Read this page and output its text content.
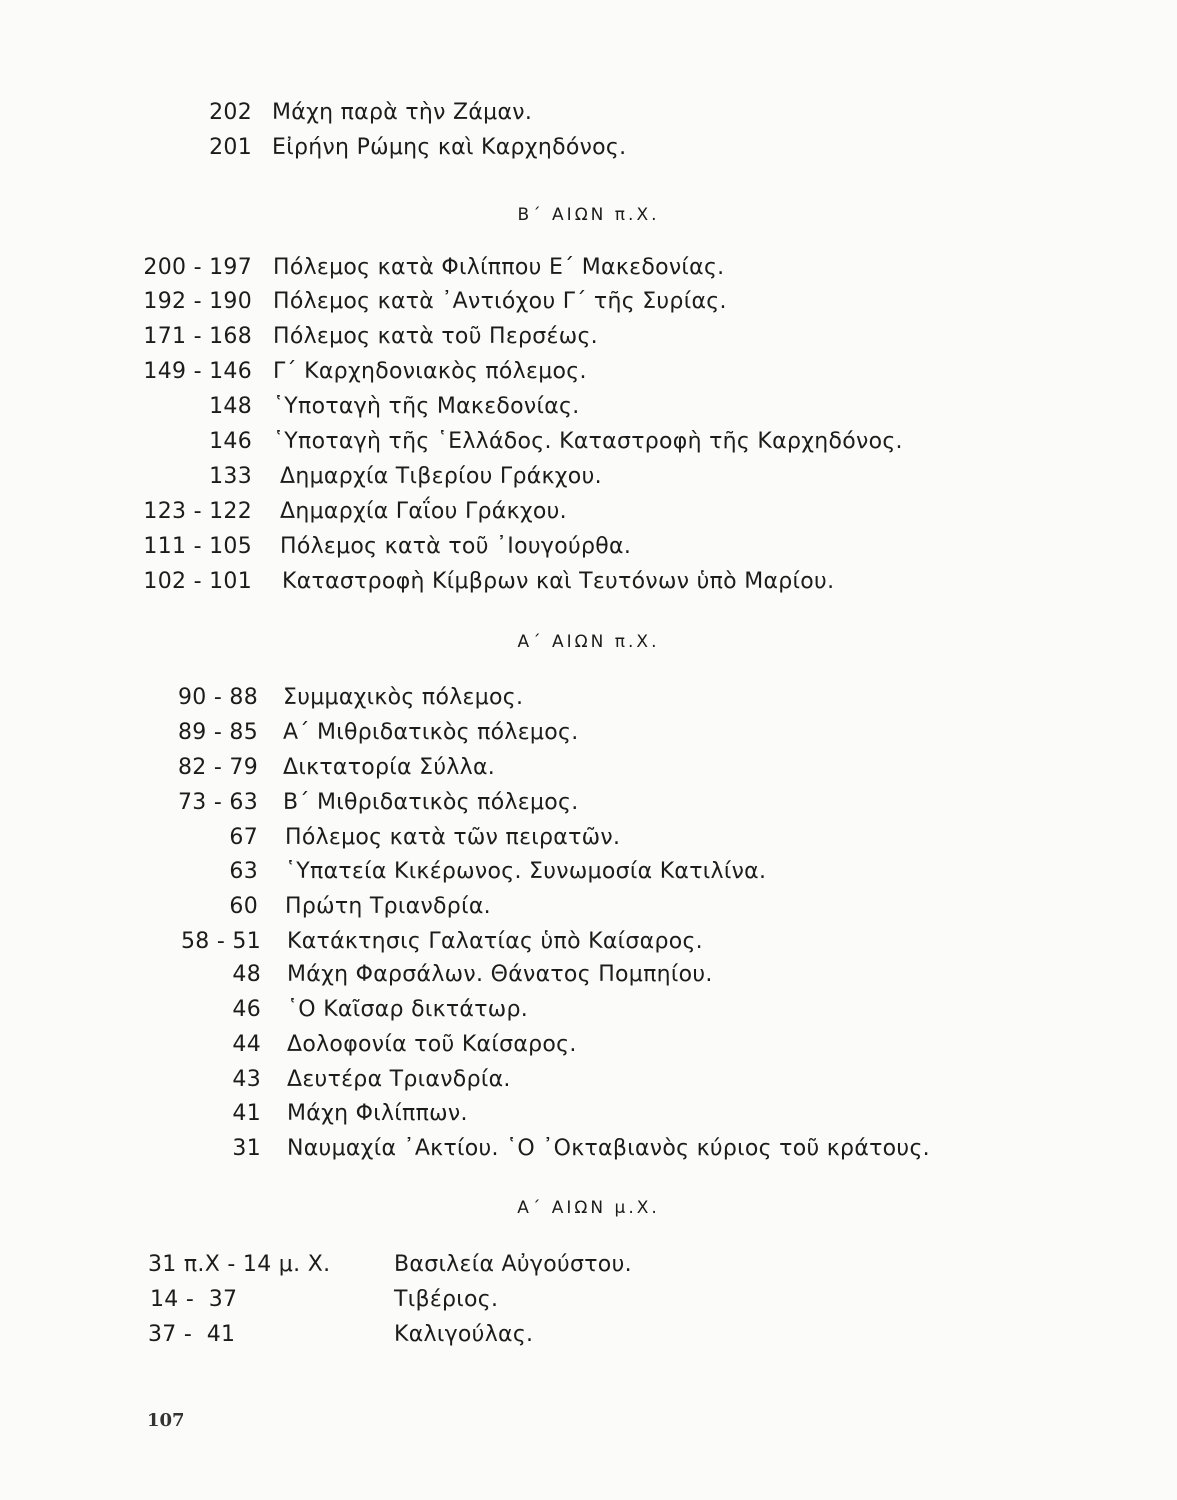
202 Μάχη παρὰ τὴν Ζάμαν.
201 Εἰρήνη Ρώμης καὶ Καρχηδόνος.
Β΄ ΑΙΩΝ π.Χ.
200 - 197 Πόλεμος κατὰ Φιλίππου Ε΄ Μακεδονίας.
192 - 190 Πόλεμος κατὰ ᾿Αντιόχου Γ΄ τῆς Συρίας.
171 - 168 Πόλεμος κατὰ τοῦ Περσέως.
149 - 146 Γ΄ Καρχηδονιακὸς πόλεμος.
148 ῾Υποταγὴ τῆς Μακεδονίας.
146 ῾Υποταγὴ τῆς ῾Ελλάδος. Καταστροφὴ τῆς Καρχηδόνος.
133 Δημαρχία Τιβερίου Γράκχου.
123 - 122 Δημαρχία Γαΐου Γράκχου.
111 - 105 Πόλεμος κατὰ τοῦ ᾿Ιουγούρθα.
102 - 101 Καταστροφὴ Κίμβρων καὶ Τευτόνων ὑπὸ Μαρίου.
Α΄ ΑΙΩΝ π.Χ.
90 - 88 Συμμαχικὸς πόλεμος.
89 - 85 Α΄ Μιθριδατικὸς πόλεμος.
82 - 79 Δικτατορία Σύλλα.
73 - 63 Β΄ Μιθριδατικὸς πόλεμος.
67 Πόλεμος κατὰ τῶν πειρατῶν.
63 ῾Υπατεία Κικέρωνος. Συνωμοσία Κατιλίνα.
60 Πρώτη Τριανδρία.
58 - 51 Κατάκτησις Γαλατίας ὑπὸ Καίσαρος.
48 Μάχη Φαρσάλων. Θάνατος Πομπηίου.
46 ῾Ο Καῖσαρ δικτάτωρ.
44 Δολοφονία τοῦ Καίσαρος.
43 Δευτέρα Τριανδρία.
41 Μάχη Φιλίππων.
31 Ναυμαχία ᾿Ακτίου. ῾Ο ᾿Οκταβιανὸς κύριος τοῦ κράτους.
Α΄ ΑΙΩΝ μ.Χ.
31 π.Χ - 14 μ. Χ.	Βασιλεία Αὐγούστου.
14 -  37	Τιβέριος.
37 -  41	Καλιγούλας.
107
